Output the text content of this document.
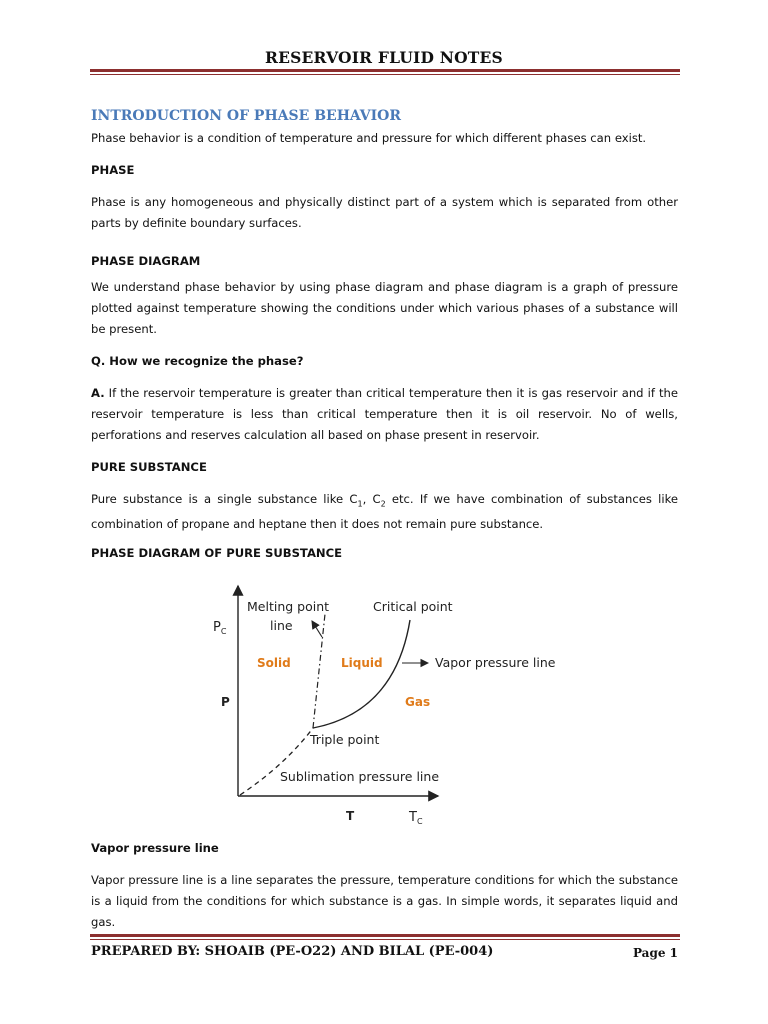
RESERVOIR FLUID NOTES
INTRODUCTION OF PHASE BEHAVIOR

Phase behavior is a condition of temperature and pressure for which different phases can exist.

PHASE

Phase is any homogeneous and physically distinct part of a system which is separated from other parts by definite boundary surfaces.

PHASE DIAGRAM

We understand phase behavior by using phase diagram and phase diagram is a graph of pressure plotted against temperature showing the conditions under which various phases of a substance will be present.

Q. How we recognize the phase?

A. If the reservoir temperature is greater than critical temperature then it is gas reservoir and if the reservoir temperature is less than critical temperature then it is oil reservoir. No of wells, perforations and reserves calculation all based on phase present in reservoir.

PURE SUBSTANCE

Pure substance is a single substance like $C_1$, $C_2$ etc. If we have combination of substances like combination of propane and heptane then it does not remain pure substance.

PHASE DIAGRAM OF PURE SUBSTANCE

Melting point
line
Critical point
$P_C$
Solid	Liquid	Vapor pressure line
P	Gas
Triple point
Sublimation pressure line
T	$T_C$

Vapor pressure line

Vapor pressure line is a line separates the pressure, temperature conditions for which the substance is a liquid from the conditions for which substance is a gas. In simple words, it separates liquid and gas.

PREPARED BY: SHOAIB (PE-O22) AND BILAL (PE-004)	Page 1
